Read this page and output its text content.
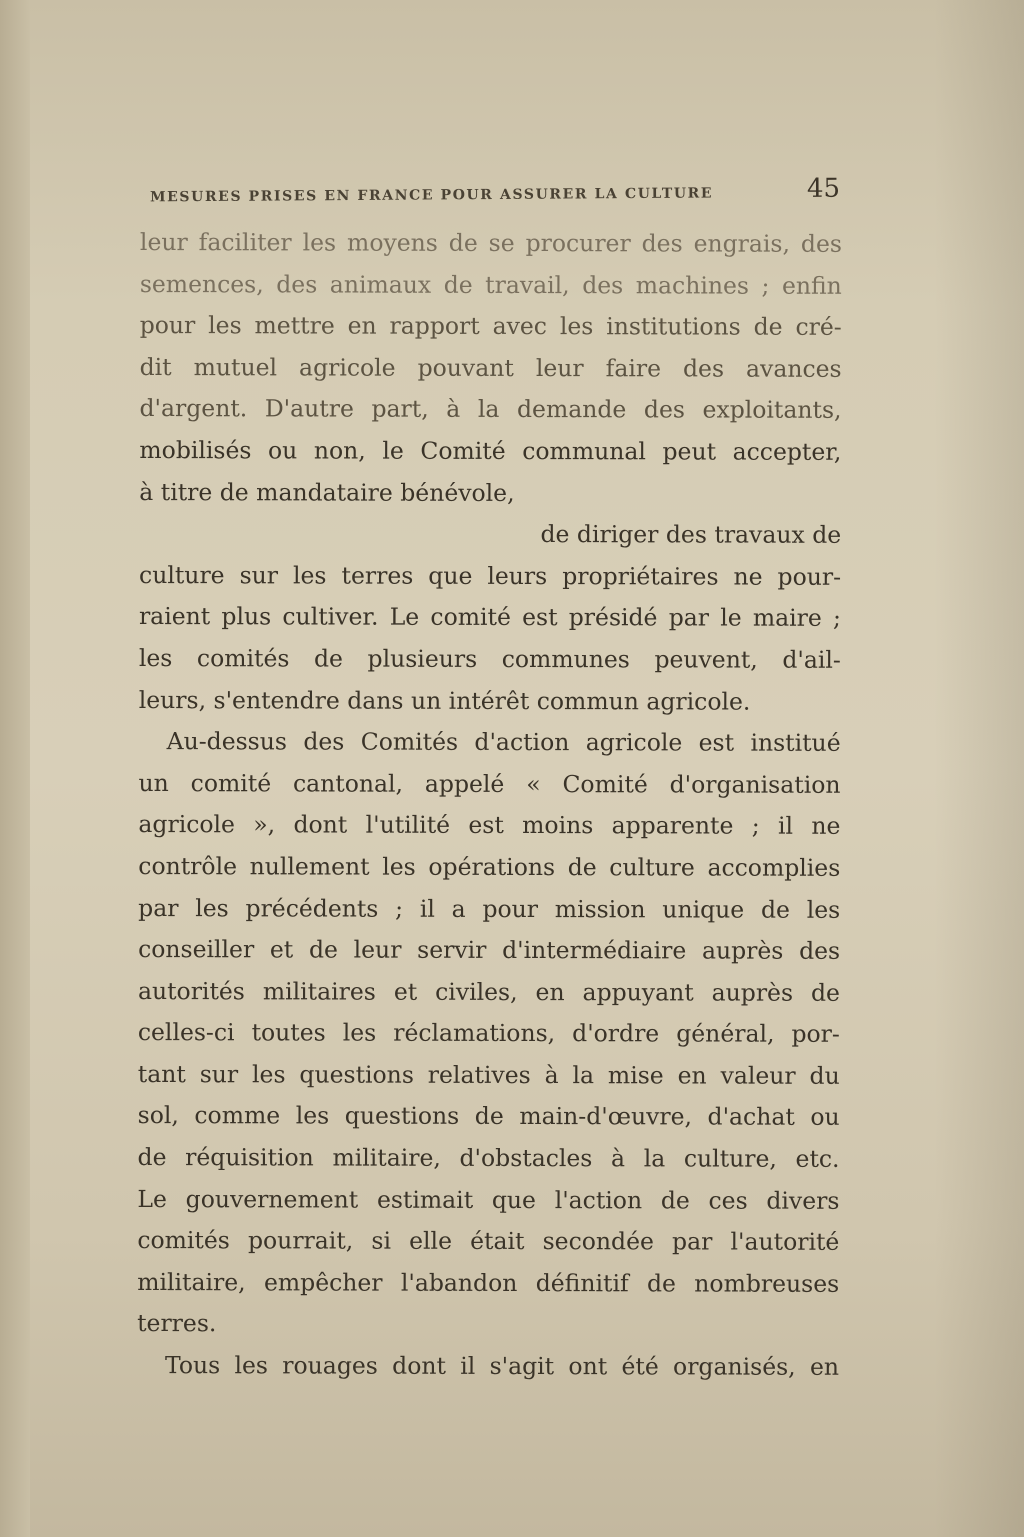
MESURES PRISES EN FRANCE POUR ASSURER LA CULTURE	45
leur faciliter les moyens de se procurer des engrais, des
semences, des animaux de travail, des machines ; enfin
pour les mettre en rapport avec les institutions de cré-
dit mutuel agricole pouvant leur faire des avances
d'argent. D'autre part, à la demande des exploitants,
mobilisés ou non, le Comité communal peut accepter,
à titre de mandataire bénévole,
de diriger des travaux de
culture sur les terres que leurs propriétaires ne pour-
raient plus cultiver. Le comité est présidé par le maire ;
les comités de plusieurs communes peuvent, d'ail-
leurs, s'entendre dans un intérêt commun agricole.
Au-dessus des Comités d'action agricole est institué
un comité cantonal, appelé « Comité d'organisation
agricole », dont l'utilité est moins apparente ; il ne
contrôle nullement les opérations de culture accomplies
par les précédents ; il a pour mission unique de les
conseiller et de leur servir d'intermédiaire auprès des
autorités militaires et civiles, en appuyant auprès de
celles-ci toutes les réclamations, d'ordre général, por-
tant sur les questions relatives à la mise en valeur du
sol, comme les questions de main-d'œuvre, d'achat ou
de réquisition militaire, d'obstacles à la culture, etc.
Le gouvernement estimait que l'action de ces divers
comités pourrait, si elle était secondée par l'autorité
militaire, empêcher l'abandon définitif de nombreuses
terres.
Tous les rouages dont il s'agit ont été organisés, en
